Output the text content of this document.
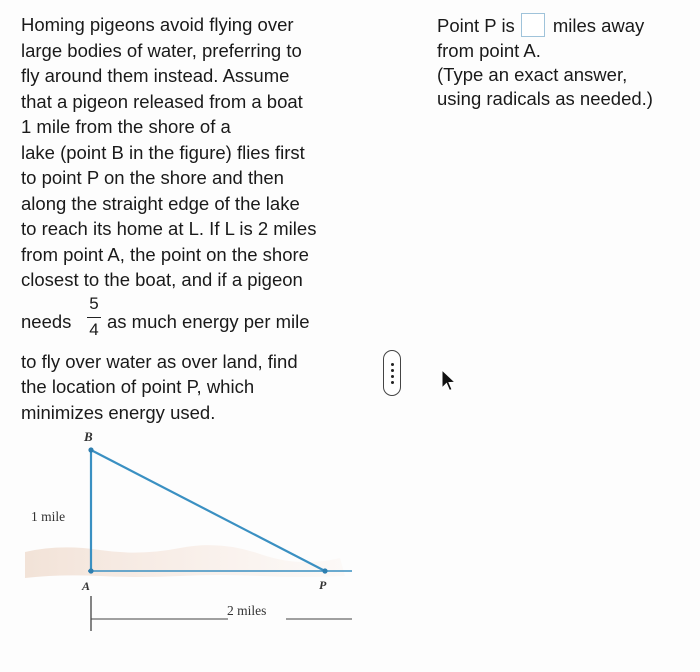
Homing pigeons avoid flying over
large bodies of water, preferring to
fly around them instead. Assume
that a pigeon released from a boat
1 mile from the shore of a
lake (point B in the figure) flies first
to point P on the shore and then
along the straight edge of the lake
to reach its home at L. If L is 2 miles
from point A, the point on the shore
closest to the boat, and if a pigeon
needs
5
4 as much energy per mile
to fly over water as over land, find
the location of point P, which
minimizes energy used.
B
A	P
1 mile
2 miles
Point P is miles away
from point A.
(Type an exact answer,
using radicals as needed.)
